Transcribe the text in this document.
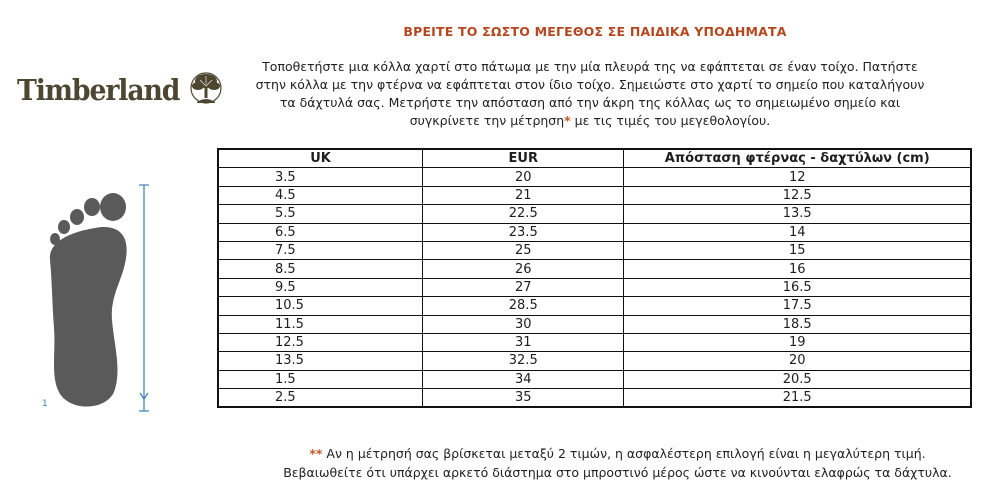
ΒΡΕΙΤΕ ΤΟ ΣΩΣΤΟ ΜΕΓΕΘΟΣ ΣΕ ΠΑΙΔΙΚΑ ΥΠΟΔΗΜΑΤΑ
Τοποθετήστε μια κόλλα χαρτί στο πάτωμα με την μία πλευρά της να εφάπτεται σε έναν τοίχο. Πατήστε
στην κόλλα με την φτέρνα να εφάπτεται στον ίδιο τοίχο. Σημειώστε στο χαρτί το σημείο που καταλήγουν
τα δάχτυλά σας. Μετρήστε την απόσταση από την άκρη της κόλλας ως το σημειωμένο σημείο και
συγκρίνετε την μέτρηση* με τις τιμές του μεγεθολογίου.
Timberland
1
UK	EUR	Απόσταση φτέρνας - δαχτύλων (cm)
3.5	20	12
4.5	21	12.5
5.5	22.5	13.5
6.5	23.5	14
7.5	25	15
8.5	26	16
9.5	27	16.5
10.5	28.5	17.5
11.5	30	18.5
12.5	31	19
13.5	32.5	20
1.5	34	20.5
2.5	35	21.5
** Αν η μέτρησή σας βρίσκεται μεταξύ 2 τιμών, η ασφαλέστερη επιλογή είναι η μεγαλύτερη τιμή.
Βεβαιωθείτε ότι υπάρχει αρκετό διάστημα στο μπροστινό μέρος ώστε να κινούνται ελαφρώς τα δάχτυλα.
